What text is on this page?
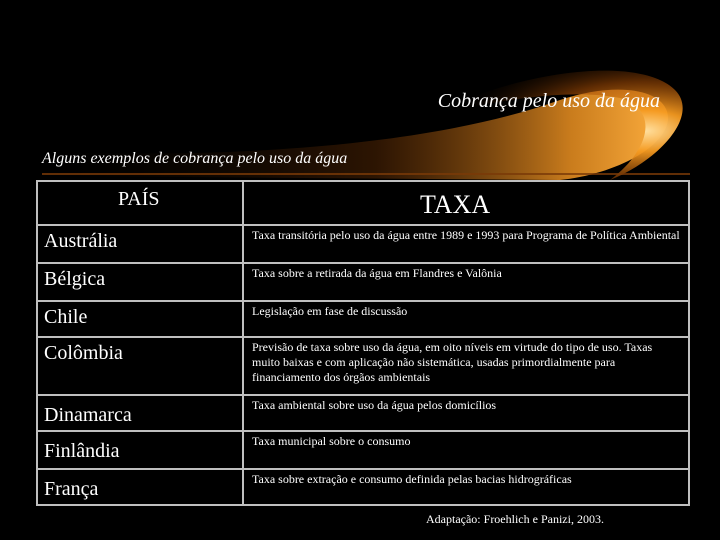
Cobrança pelo uso da água
Alguns exemplos de cobrança pelo uso da água
PAÍS	TAXA
Austrália	Taxa transitória pelo uso da água entre 1989 e 1993 para Programa de Política Ambiental
Bélgica	Taxa sobre a retirada da água em Flandres e Valônia
Chile	Legislação em fase de discussão
Colômbia	Previsão de taxa sobre uso da água, em oito níveis em virtude do tipo de uso. Taxas muito baixas e com aplicação não sistemática, usadas primordialmente para financiamento dos órgãos ambientais
Dinamarca	Taxa ambiental sobre uso da água pelos domicílios
Finlândia	Taxa municipal sobre o consumo
França	Taxa sobre extração e consumo definida pelas bacias hidrográficas
Adaptação: Froehlich e Panizi, 2003.
